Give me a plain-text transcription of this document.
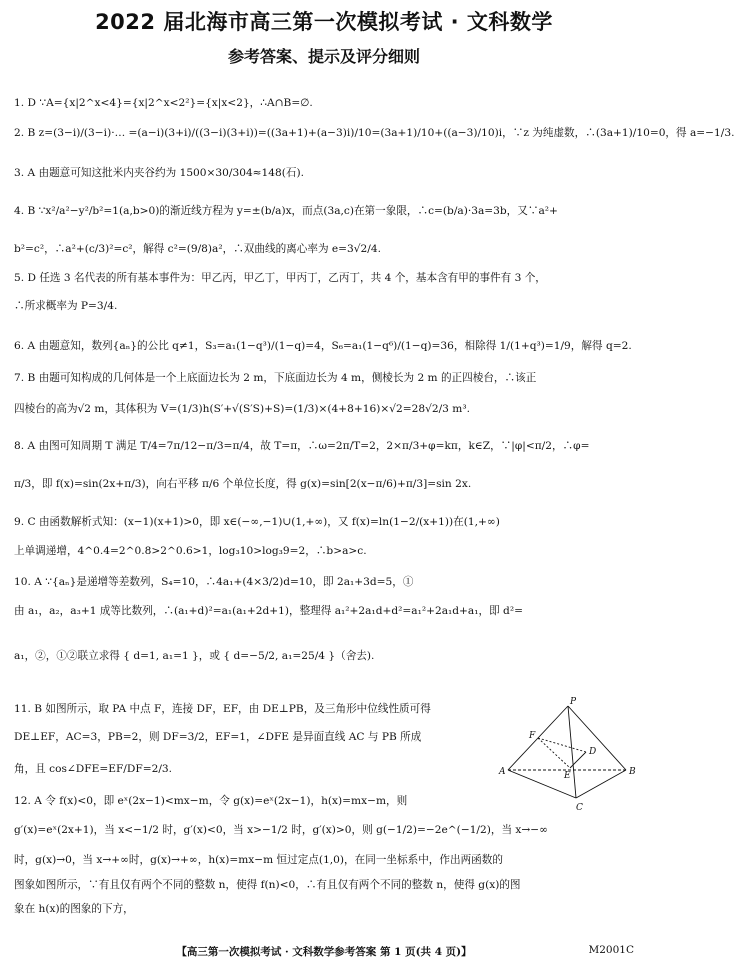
2022 届北海市高三第一次模拟考试 · 文科数学
参考答案、提示及评分细则
1. D ∵A={x|2^x<4}={x|2^x<2²}={x|x<2}，∴A∩B=∅.
2. B z=(3−i)/(3−i)·… =(a−i)(3+i)/((3−i)(3+i))=((3a+1)+(a−3)i)/10=(3a+1)/10+((a−3)/10)i，∵z 为纯虚数，∴(3a+1)/10=0，得 a=−1/3.
3. A 由题意可知这批米内夹谷约为 1500×30/304≈148(石).
4. B ∵x²/a²−y²/b²=1(a,b>0)的渐近线方程为 y=±(b/a)x，而点(3a,c)在第一象限，∴c=(b/a)·3a=3b，又∵a²+
b²=c²，∴a²+(c/3)²=c²，解得 c²=(9/8)a²，∴双曲线的离心率为 e=3√2/4.
5. D 任选 3 名代表的所有基本事件为：甲乙丙，甲乙丁，甲丙丁，乙丙丁，共 4 个，基本含有甲的事件有 3 个，
∴所求概率为 P=3/4.
6. A 由题意知，数列{aₙ}的公比 q≠1，S₃=a₁(1−q³)/(1−q)=4，S₆=a₁(1−q⁶)/(1−q)=36，相除得 1/(1+q³)=1/9，解得 q=2.
7. B 由题可知构成的几何体是一个上底面边长为 2 m，下底面边长为 4 m，侧棱长为 2 m 的正四棱台，∴该正
四棱台的高为√2 m，其体积为 V=(1/3)h(S′+√(S′S)+S)=(1/3)×(4+8+16)×√2=28√2/3 m³.
8. A 由图可知周期 T 满足 T/4=7π/12−π/3=π/4，故 T=π，∴ω=2π/T=2，2×π/3+φ=kπ，k∈Z，∵|φ|<π/2，∴φ=
π/3，即 f(x)=sin(2x+π/3)，向右平移 π/6 个单位长度，得 g(x)=sin[2(x−π/6)+π/3]=sin 2x.
9. C 由函数解析式知：(x−1)(x+1)>0，即 x∈(−∞,−1)∪(1,+∞)，又 f(x)=ln(1−2/(x+1))在(1,+∞)
上单调递增，4^0.4=2^0.8>2^0.6>1，log₃10>log₃9=2，∴b>a>c.
10. A ∵{aₙ}是递增等差数列，S₄=10，∴4a₁+(4×3/2)d=10，即 2a₁+3d=5，①
由 a₁，a₂，a₃+1 成等比数列，∴(a₁+d)²=a₁(a₁+2d+1)，整理得 a₁²+2a₁d+d²=a₁²+2a₁d+a₁，即 d²=
a₁，②，①②联立求得 { d=1, a₁=1 }，或 { d=−5/2, a₁=25/4 }（舍去).
11. B 如图所示，取 PA 中点 F，连接 DF，EF，由 DE⊥PB，及三角形中位线性质可得
DE⊥EF，AC=3，PB=2，则 DF=3/2，EF=1，∠DFE 是异面直线 AC 与 PB 所成
角，且 cos∠DFE=EF/DF=2/3.
12. A 令 f(x)<0，即 eˣ(2x−1)<mx−m，令 g(x)=eˣ(2x−1)，h(x)=mx−m，则
g′(x)=eˣ(2x+1)，当 x<−1/2 时，g′(x)<0，当 x>−1/2 时，g′(x)>0，则 g(−1/2)=−2e^(−1/2)，当 x→−∞
时，g(x)→0，当 x→+∞时，g(x)→+∞，h(x)=mx−m 恒过定点(1,0)，在同一坐标系中，作出两函数的
图象如图所示，∵有且仅有两个不同的整数 n，使得 f(n)<0，∴有且仅有两个不同的整数 n，使得 g(x)的图
象在 h(x)的图象的下方，
P
A	B
C
D
E
F
【高三第一次模拟考试 · 文科数学参考答案 第 1 页(共 4 页)】	M2001C
